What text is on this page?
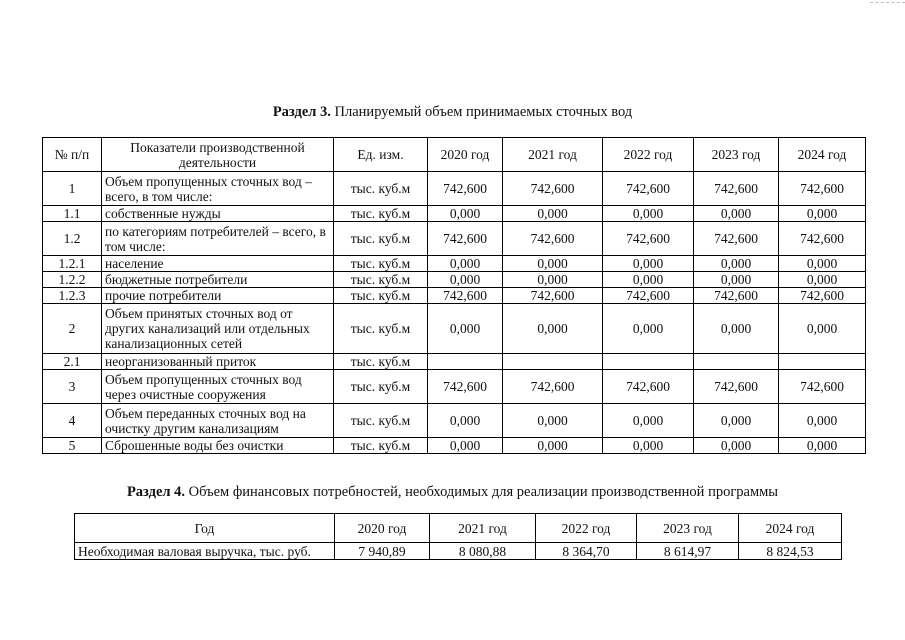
Раздел 3. Планируемый объем принимаемых сточных вод
№ п/п	Показатели производственной деятельности	Ед. изм.	2020 год	2021 год	2022 год	2023 год	2024 год
1	Объем пропущенных сточных вод – всего, в том числе:	тыс. куб.м	742,600	742,600	742,600	742,600	742,600
1.1	собственные нужды	тыс. куб.м	0,000	0,000	0,000	0,000	0,000
1.2	по категориям потребителей – всего, в том числе:	тыс. куб.м	742,600	742,600	742,600	742,600	742,600
1.2.1	население	тыс. куб.м	0,000	0,000	0,000	0,000	0,000
1.2.2	бюджетные потребители	тыс. куб.м	0,000	0,000	0,000	0,000	0,000
1.2.3	прочие потребители	тыс. куб.м	742,600	742,600	742,600	742,600	742,600
2	Объем принятых сточных вод от других канализаций или отдельных канализационных сетей	тыс. куб.м	0,000	0,000	0,000	0,000	0,000
2.1	неорганизованный приток	тыс. куб.м					
3	Объем пропущенных сточных вод через очистные сооружения	тыс. куб.м	742,600	742,600	742,600	742,600	742,600
4	Объем переданных сточных вод на очистку другим канализациям	тыс. куб.м	0,000	0,000	0,000	0,000	0,000
5	Сброшенные воды без очистки	тыс. куб.м	0,000	0,000	0,000	0,000	0,000
Раздел 4. Объем финансовых потребностей, необходимых для реализации производственной программы
Год	2020 год	2021 год	2022 год	2023 год	2024 год
Необходимая валовая выручка, тыс. руб.	7 940,89	8 080,88	8 364,70	8 614,97	8 824,53
